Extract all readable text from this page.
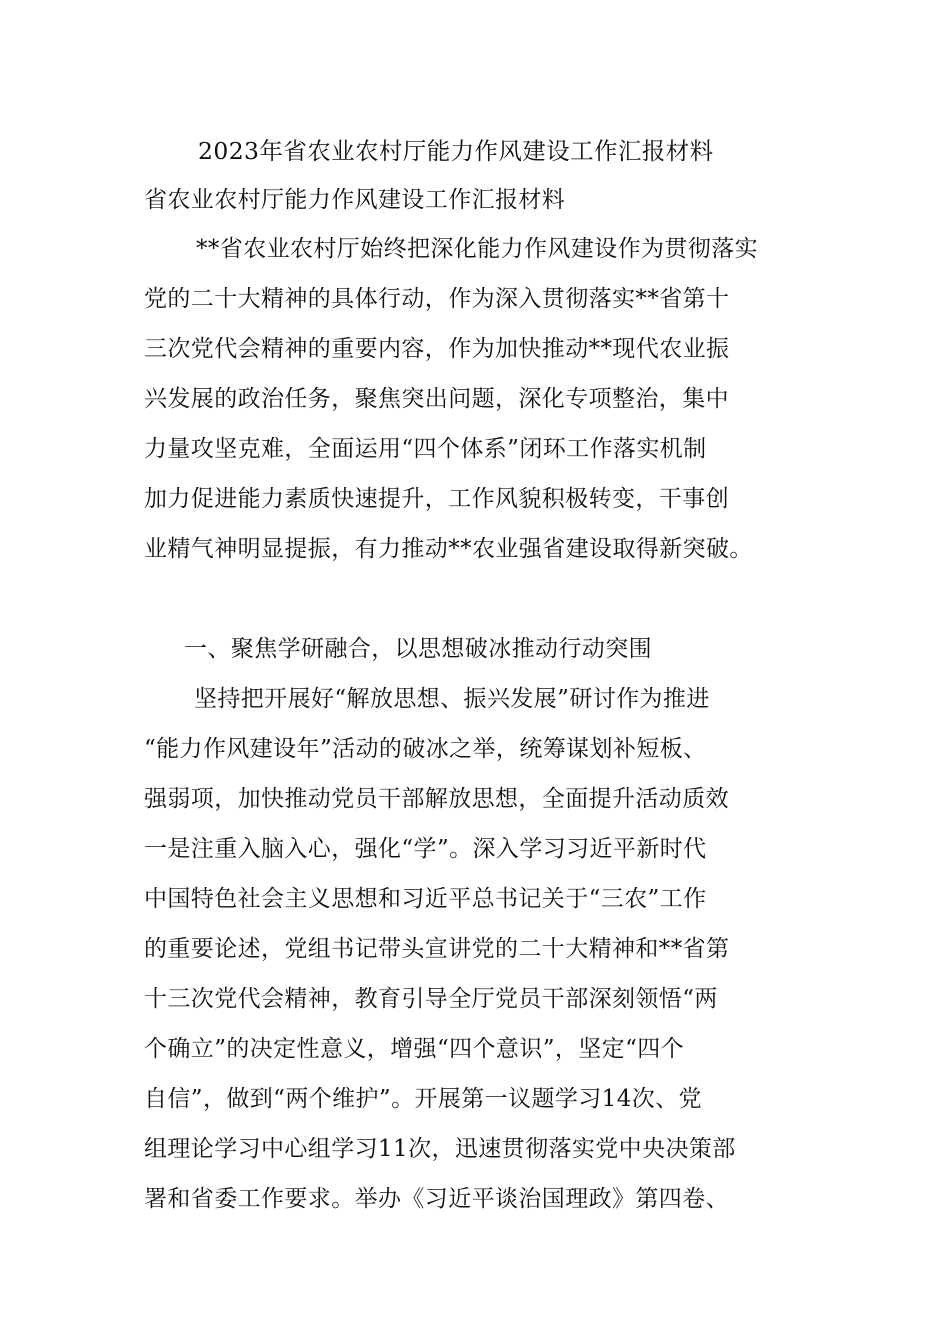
2023年省农业农村厅能力作风建设工作汇报材料
省农业农村厅能力作风建设工作汇报材料
**省农业农村厅始终把深化能力作风建设作为贯彻落实
党的二十大精神的具体行动，作为深入贯彻落实**省第十
三次党代会精神的重要内容，作为加快推动**现代农业振
兴发展的政治任务，聚焦突出问题，深化专项整治，集中
力量攻坚克难，全面运用“四个体系”闭环工作落实机制
加力促进能力素质快速提升，工作风貌积极转变，干事创
业精气神明显提振，有力推动**农业强省建设取得新突破。
一、聚焦学研融合，以思想破冰推动行动突围
坚持把开展好“解放思想、振兴发展”研讨作为推进
“能力作风建设年”活动的破冰之举，统筹谋划补短板、
强弱项，加快推动党员干部解放思想，全面提升活动质效
一是注重入脑入心，强化“学”。深入学习习近平新时代
中国特色社会主义思想和习近平总书记关于“三农”工作
的重要论述，党组书记带头宣讲党的二十大精神和**省第
十三次党代会精神，教育引导全厅党员干部深刻领悟“两
个确立”的决定性意义，增强“四个意识”，坚定“四个
自信”，做到“两个维护”。开展第一议题学习14次、党
组理论学习中心组学习11次，迅速贯彻落实党中央决策部
署和省委工作要求。举办《习近平谈治国理政》第四卷、
